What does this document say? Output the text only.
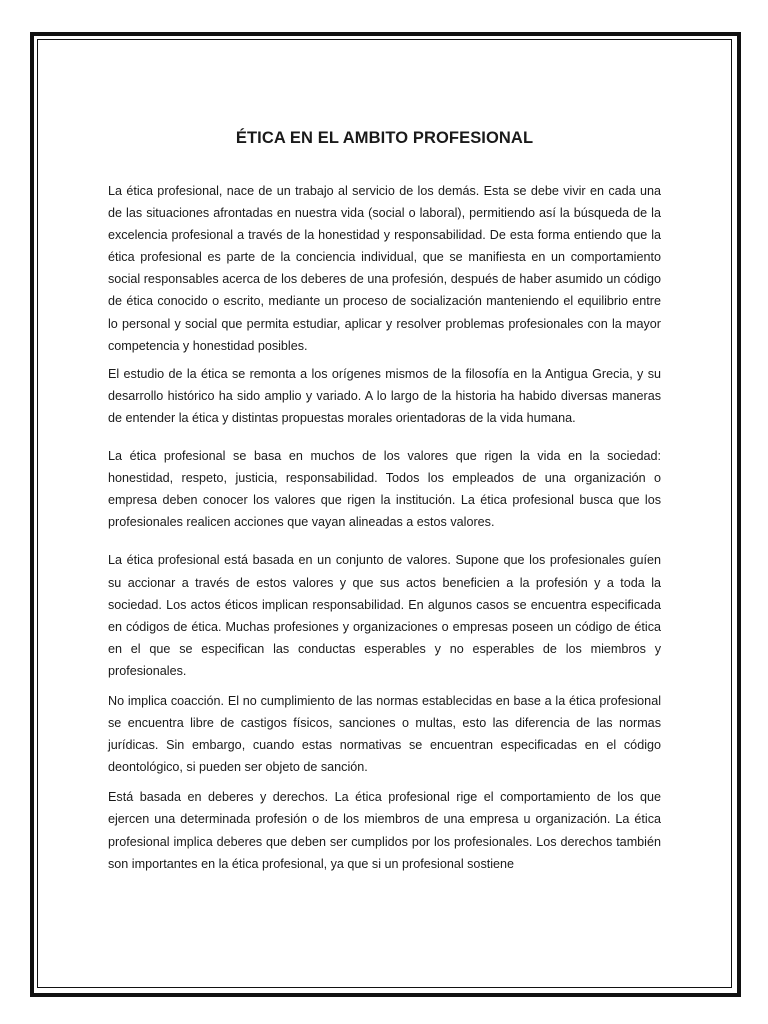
ÉTICA EN EL AMBITO PROFESIONAL

La ética profesional, nace de un trabajo al servicio de los demás. Esta se debe vivir en cada una de las situaciones afrontadas en nuestra vida (social o laboral), permitiendo así la búsqueda de la excelencia profesional a través de la honestidad y responsabilidad. De esta forma entiendo que la ética profesional es parte de la conciencia individual, que se manifiesta en un comportamiento social responsables acerca de los deberes de una profesión, después de haber asumido un código de ética conocido o escrito, mediante un proceso de socialización manteniendo el equilibrio entre lo personal y social que permita estudiar, aplicar y resolver problemas profesionales con la mayor competencia y honestidad posibles.

El estudio de la ética se remonta a los orígenes mismos de la filosofía en la Antigua Grecia, y su desarrollo histórico ha sido amplio y variado. A lo largo de la historia ha habido diversas maneras de entender la ética y distintas propuestas morales orientadoras de la vida humana.

La ética profesional se basa en muchos de los valores que rigen la vida en la sociedad: honestidad, respeto, justicia, responsabilidad. Todos los empleados de una organización o empresa deben conocer los valores que rigen la institución. La ética profesional busca que los profesionales realicen acciones que vayan alineadas a estos valores.

La ética profesional está basada en un conjunto de valores. Supone que los profesionales guíen su accionar a través de estos valores y que sus actos beneficien a la profesión y a toda la sociedad. Los actos éticos implican responsabilidad. En algunos casos se encuentra especificada en códigos de ética. Muchas profesiones y organizaciones o empresas poseen un código de ética en el que se especifican las conductas esperables y no esperables de los miembros y profesionales.

No implica coacción. El no cumplimiento de las normas establecidas en base a la ética profesional se encuentra libre de castigos físicos, sanciones o multas, esto las diferencia de las normas jurídicas. Sin embargo, cuando estas normativas se encuentran especificadas en el código deontológico, si pueden ser objeto de sanción.

Está basada en deberes y derechos. La ética profesional rige el comportamiento de los que ejercen una determinada profesión o de los miembros de una empresa u organización. La ética profesional implica deberes que deben ser cumplidos por los profesionales. Los derechos también son importantes en la ética profesional, ya que si un profesional sostiene
